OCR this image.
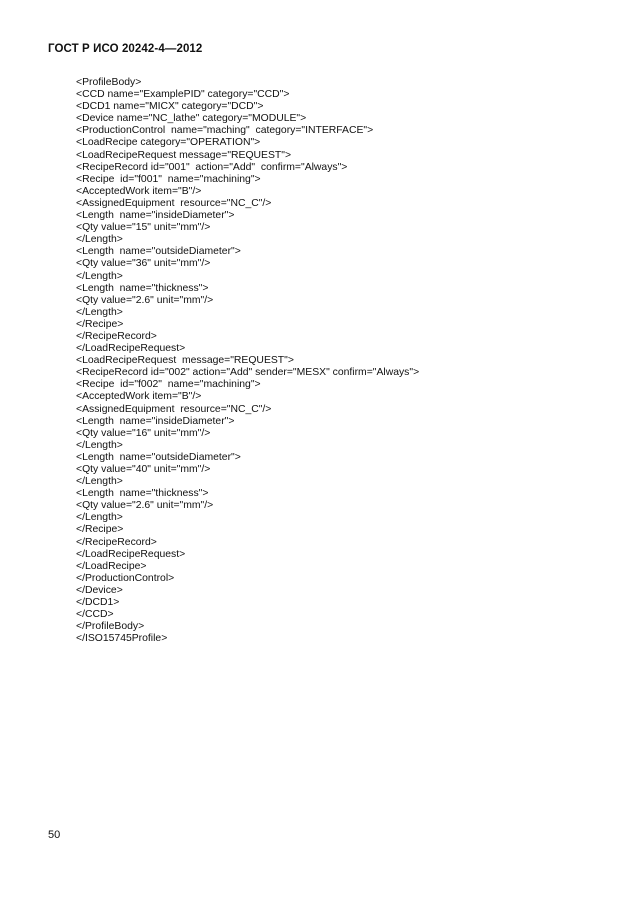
ГОСТ Р ИСО 20242-4—2012
<ProfileBody>
<CCD name="ExamplePID" category="CCD">
<DCD1 name="MICX" category="DCD">
<Device name="NC_lathe" category="MODULE">
<ProductionControl  name="maching"  category="INTERFACE">
<LoadRecipe category="OPERATION">
<LoadRecipeRequest message="REQUEST">
<RecipeRecord id="001"  action="Add"  confirm="Always">
<Recipe  id="f001"  name="machining">
<AcceptedWork item="B"/>
<AssignedEquipment  resource="NC_C"/>
<Length  name="insideDiameter">
<Qty value="15" unit="mm"/>
</Length>
<Length  name="outsideDiameter">
<Qty value="36" unit="mm"/>
</Length>
<Length  name="thickness">
<Qty value="2.6" unit="mm"/>
</Length>
</Recipe>
</RecipeRecord>
</LoadRecipeRequest>
<LoadRecipeRequest  message="REQUEST">
<RecipeRecord id="002" action="Add" sender="MESX" confirm="Always">
<Recipe  id="f002"  name="machining">
<AcceptedWork item="B"/>
<AssignedEquipment  resource="NC_C"/>
<Length  name="insideDiameter">
<Qty value="16" unit="mm"/>
</Length>
<Length  name="outsideDiameter">
<Qty value="40" unit="mm"/>
</Length>
<Length  name="thickness">
<Qty value="2.6" unit="mm"/>
</Length>
</Recipe>
</RecipeRecord>
</LoadRecipeRequest>
</LoadRecipe>
</ProductionControl>
</Device>
</DCD1>
</CCD>
</ProfileBody>
</ISO15745Profile>
50
